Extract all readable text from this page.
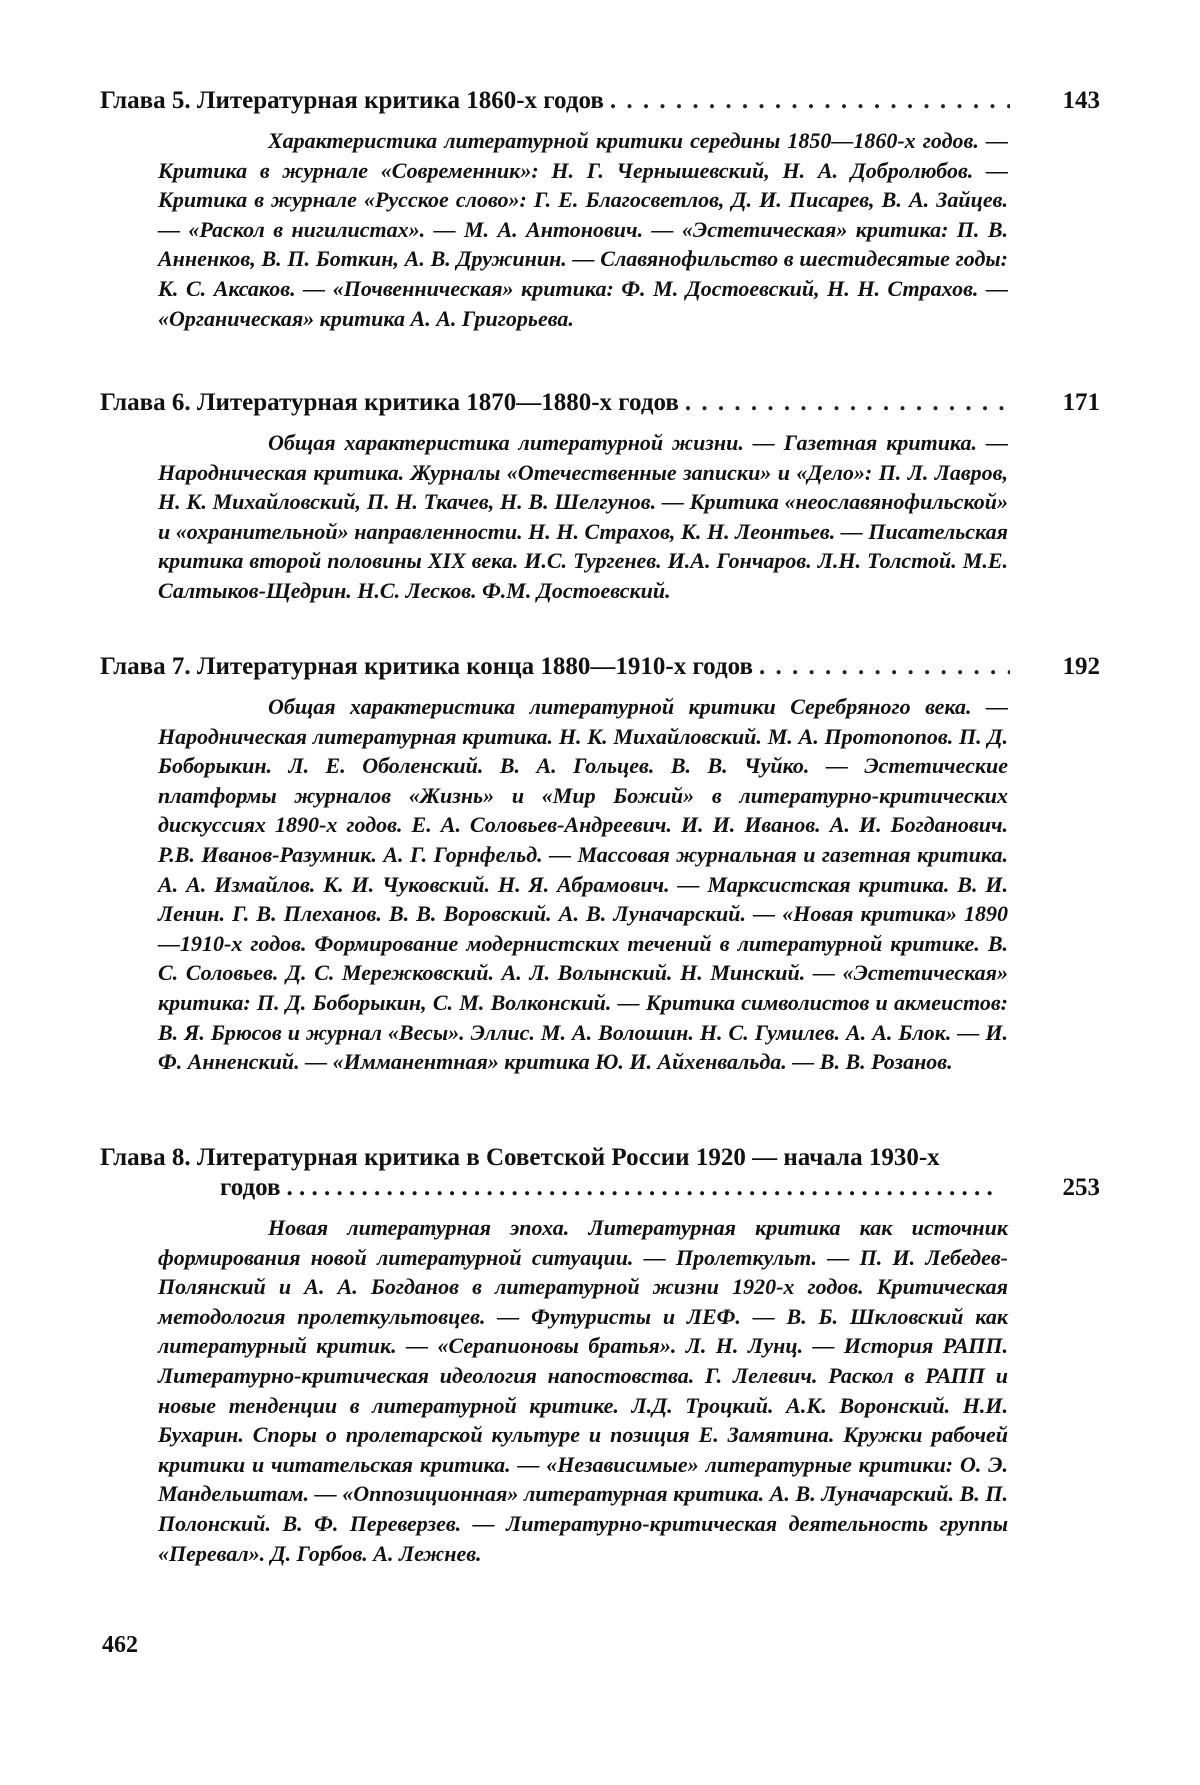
Глава 5. Литературная критика 1860-х годов . . .	143
Характеристика литературной критики середины 1850—1860-х годов. — Критика в журнале «Современник»: Н. Г. Чернышевский, Н. А. Добролюбов. — Критика в журнале «Русское слово»: Г. Е. Благосветлов, Д. И. Писарев, В. А. Зайцев. — «Раскол в нигилистах». — М. А. Антонович. — «Эстетическая» критика: П. В. Анненков, В. П. Боткин, А. В. Дружинин. — Славянофильство в шестидесятые годы: К. С. Аксаков. — «Почвенническая» критика: Ф. М. Достоевский, Н. Н. Страхов. — «Органическая» критика А. А. Григорьева.
Глава 6. Литературная критика 1870—1880-х годов . . .	171
Общая характеристика литературной жизни. — Газетная критика. — Народническая критика. Журналы «Отечественные записки» и «Дело»: П. Л. Лавров, Н. К. Михайловский, П. Н. Ткачев, Н. В. Шелгунов. — Критика «неославянофильской» и «охранительной» направленности. Н. Н. Страхов, К. Н. Леонтьев. — Писательская критика второй половины XIX века. И.С. Тургенев. И.А. Гончаров. Л.Н. Толстой. М.Е. Салтыков-Щедрин. Н.С. Лесков. Ф.М. Достоевский.
Глава 7. Литературная критика конца 1880—1910-х годов . . .	192
Общая характеристика литературной критики Серебряного века. — Народническая литературная критика. Н. К. Михайловский. М. А. Протопопов. П. Д. Боборыкин. Л. Е. Оболенский. В. А. Гольцев. В. В. Чуйко. — Эстетические платформы журналов «Жизнь» и «Мир Божий» в литературно-критических дискуссиях 1890-х годов. Е. А. Соловьев-Андреевич. И. И. Иванов. А. И. Богданович. Р.В. Иванов-Разумник. А. Г. Горнфельд. — Массовая журнальная и газетная критика. А. А. Измайлов. К. И. Чуковский. Н. Я. Абрамович. — Марксистская критика. В. И. Ленин. Г. В. Плеханов. В. В. Воровский. А. В. Луначарский. — «Новая критика» 1890—1910-х годов. Формирование модернистских течений в литературной критике. В. С. Соловьев. Д. С. Мережковский. А. Л. Волынский. Н. Минский. — «Эстетическая» критика: П. Д. Боборыкин, С. М. Волконский. — Критика символистов и акмеистов: В. Я. Брюсов и журнал «Весы». Эллис. М. А. Волошин. Н. С. Гумилев. А. А. Блок. — И. Ф. Анненский. — «Имманентная» критика Ю. И. Айхенвальда. — В. В. Розанов.
Глава 8. Литературная критика в Советской России 1920 — начала 1930-х
годов . . . . . . . . . . . . . . . . . . . . . . . . . . . . . . . . . . . . . . . . . . . . . . . . . . . . . . . . .	253
Новая литературная эпоха. Литературная критика как источник формирования новой литературной ситуации. — Пролеткульт. — П. И. Лебедев-Полянский и А. А. Богданов в литературной жизни 1920-х годов. Критическая методология пролеткультовцев. — Футуристы и ЛЕФ. — В. Б. Шкловский как литературный критик. — «Серапионовы братья». Л. Н. Лунц. — История РАПП. Литературно-критическая идеология напостовства. Г. Лелевич. Раскол в РАПП и новые тенденции в литературной критике. Л.Д. Троцкий. А.К. Воронский. Н.И. Бухарин. Споры о пролетарской культуре и позиция Е. Замятина. Кружки рабочей критики и читательская критика. — «Независимые» литературные критики: О. Э. Мандельштам. — «Оппозиционная» литературная критика. А. В. Луначарский. В. П. Полонский. В. Ф. Переверзев. — Литературно-критическая деятельность группы «Перевал». Д. Горбов. А. Лежнев.
462
